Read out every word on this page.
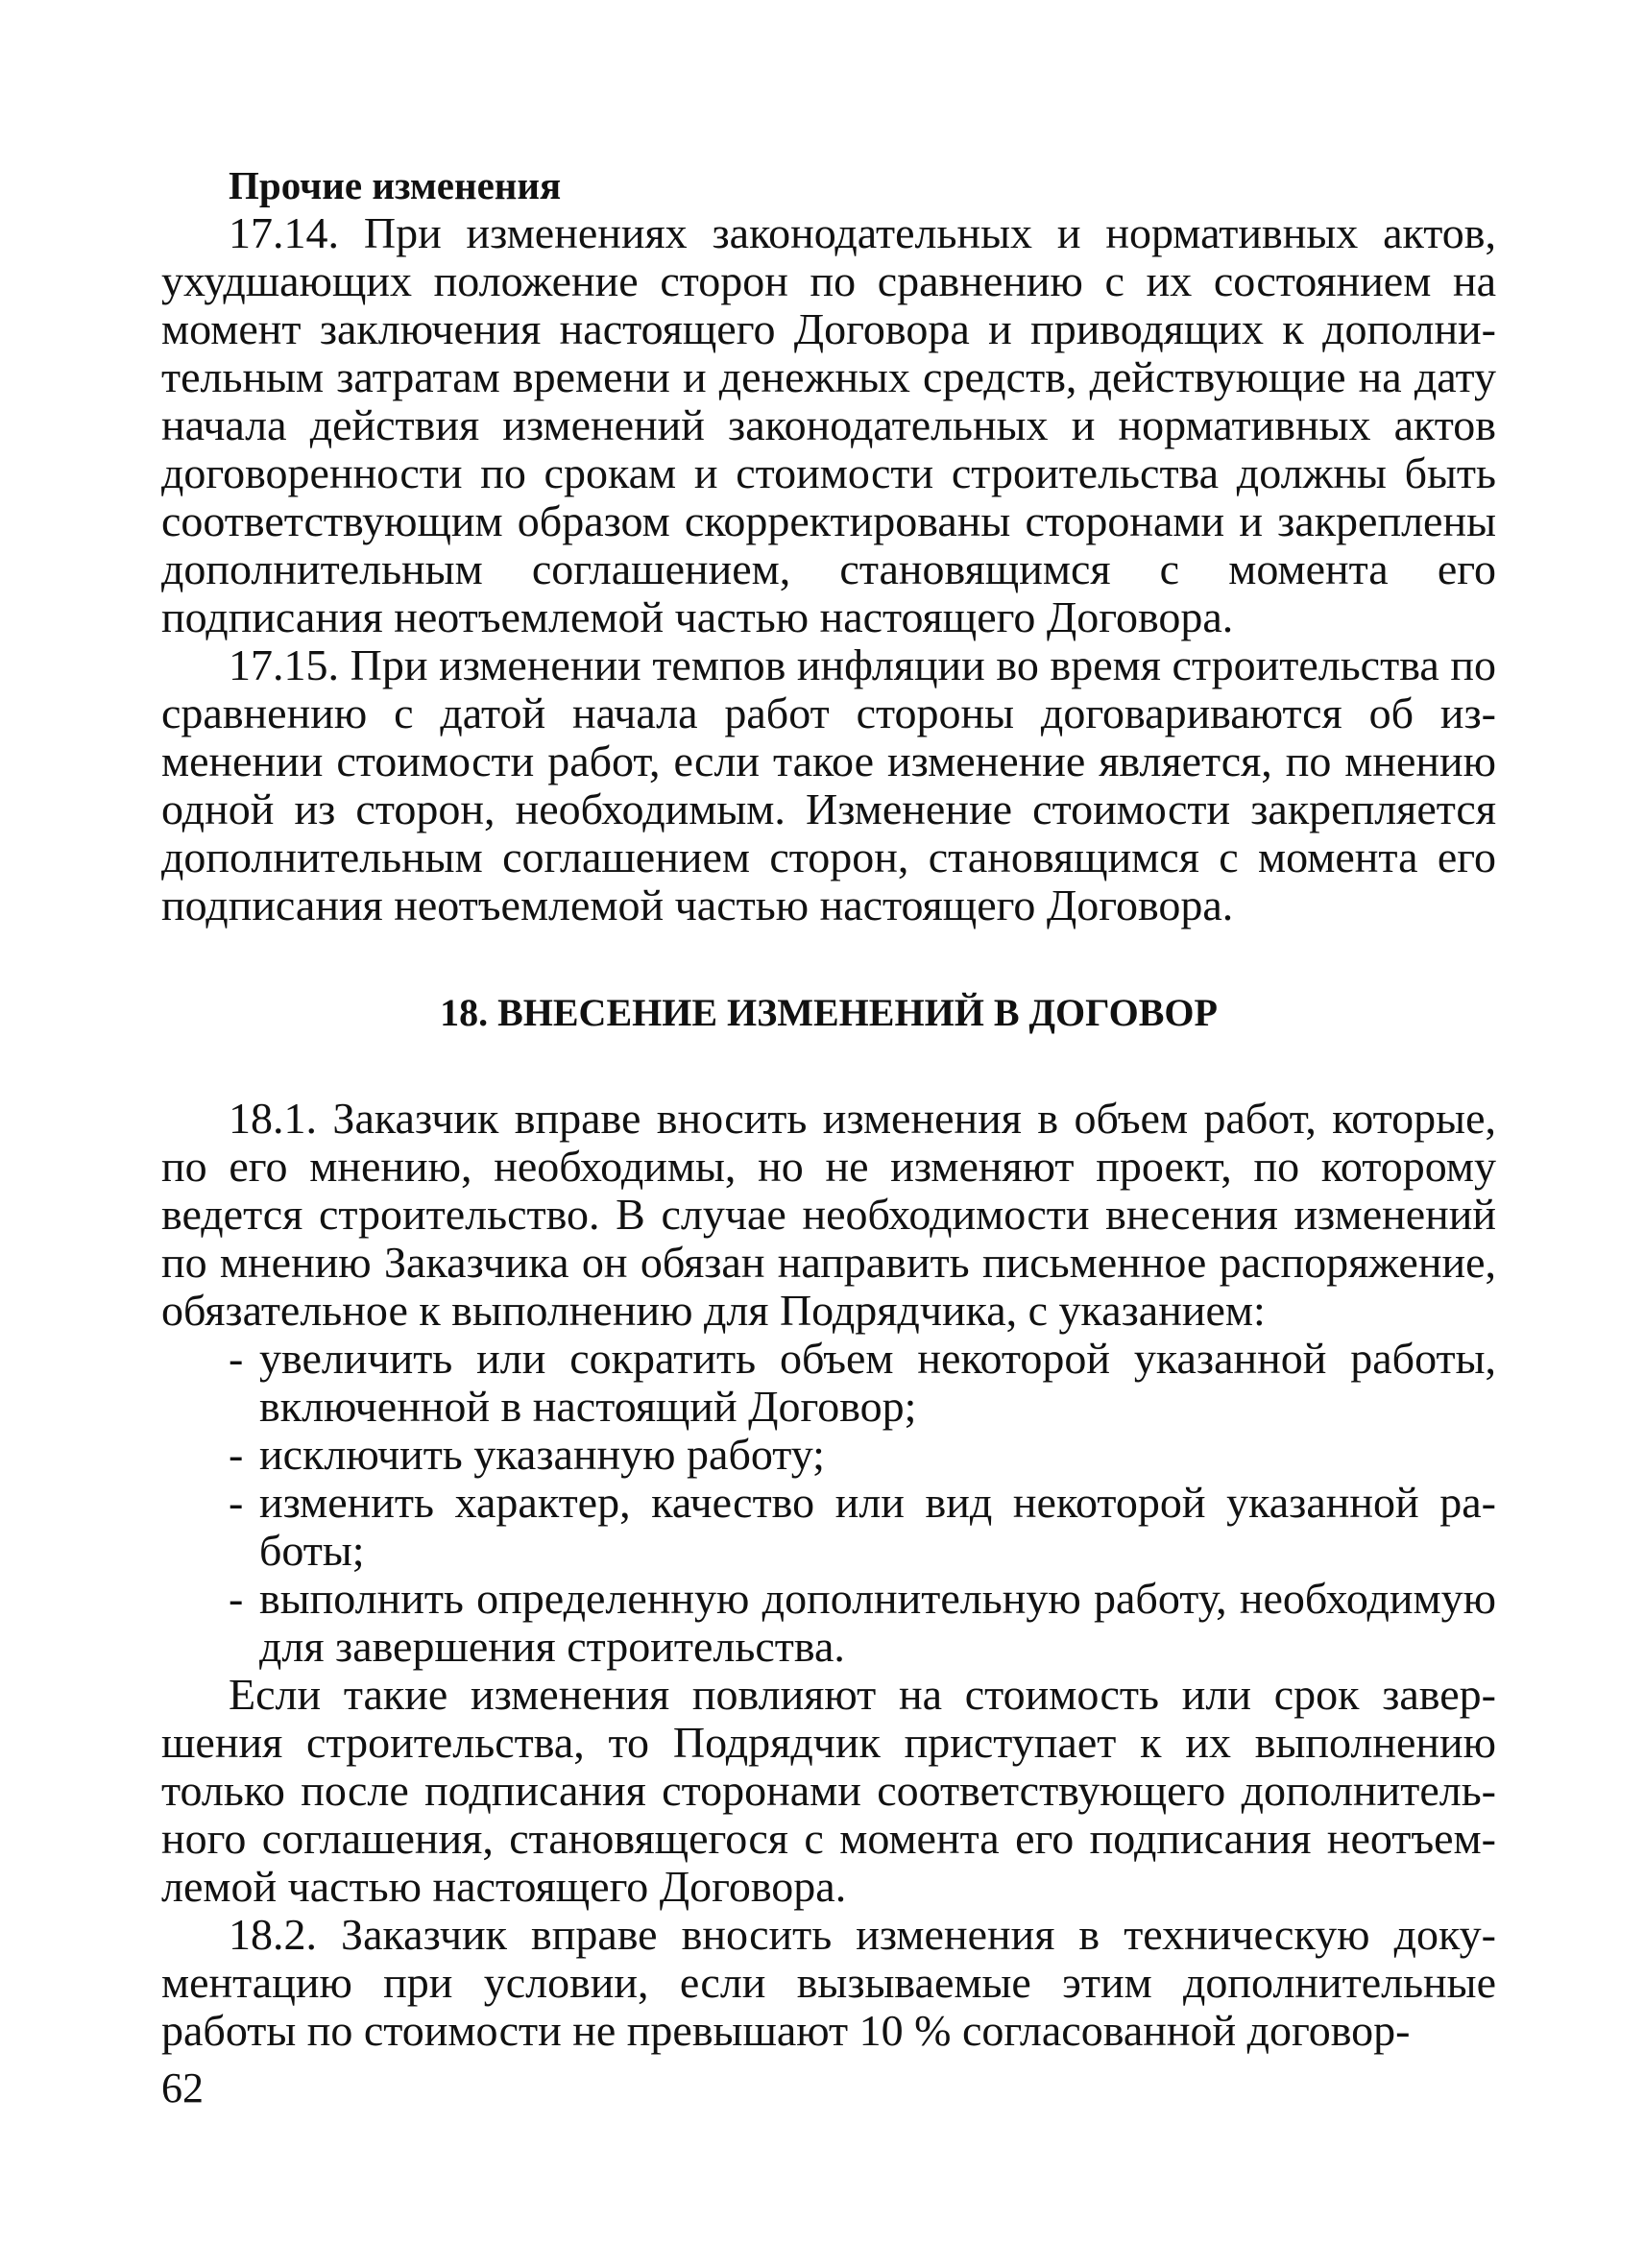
Прочие изменения

17.14. При изменениях законодательных и нормативных актов, ухудшающих положение сторон по сравнению с их состоянием на момент заключения настоящего Договора и приводящих к дополнительным затратам времени и денежных средств, действующие на дату начала действия изменений законодательных и нормативных актов договоренности по срокам и стоимости строительства должны быть соответствующим образом скорректированы сторонами и закреплены дополнительным соглашением, становящимся с момента его подписания неотъемлемой частью настоящего Договора.

17.15. При изменении темпов инфляции во время строительства по сравнению с датой начала работ стороны договариваются об изменении стоимости работ, если такое изменение является, по мнению одной из сторон, необходимым. Изменение стоимости закрепляется дополнительным соглашением сторон, становящимся с момента его подписания неотъемлемой частью настоящего Договора.

18. ВНЕСЕНИЕ ИЗМЕНЕНИЙ В ДОГОВОР

18.1. Заказчик вправе вносить изменения в объем работ, которые, по его мнению, необходимы, но не изменяют проект, по которому ведется строительство. В случае необходимости внесения изменений по мнению Заказчика он обязан направить письменное распоряжение, обязательное к выполнению для Подрядчика, с указанием:

- увеличить или сократить объем некоторой указанной работы, включенной в настоящий Договор;
- исключить указанную работу;
- изменить характер, качество или вид некоторой указанной работы;
- выполнить определенную дополнительную работу, необходимую для завершения строительства.

Если такие изменения повлияют на стоимость или срок завершения строительства, то Подрядчик приступает к их выполнению только после подписания сторонами соответствующего дополнительного соглашения, становящегося с момента его подписания неотъемлемой частью настоящего Договора.

18.2. Заказчик вправе вносить изменения в техническую документацию при условии, если вызываемые этим дополнительные работы по стоимости не превышают 10 % согласованной договор-

62
